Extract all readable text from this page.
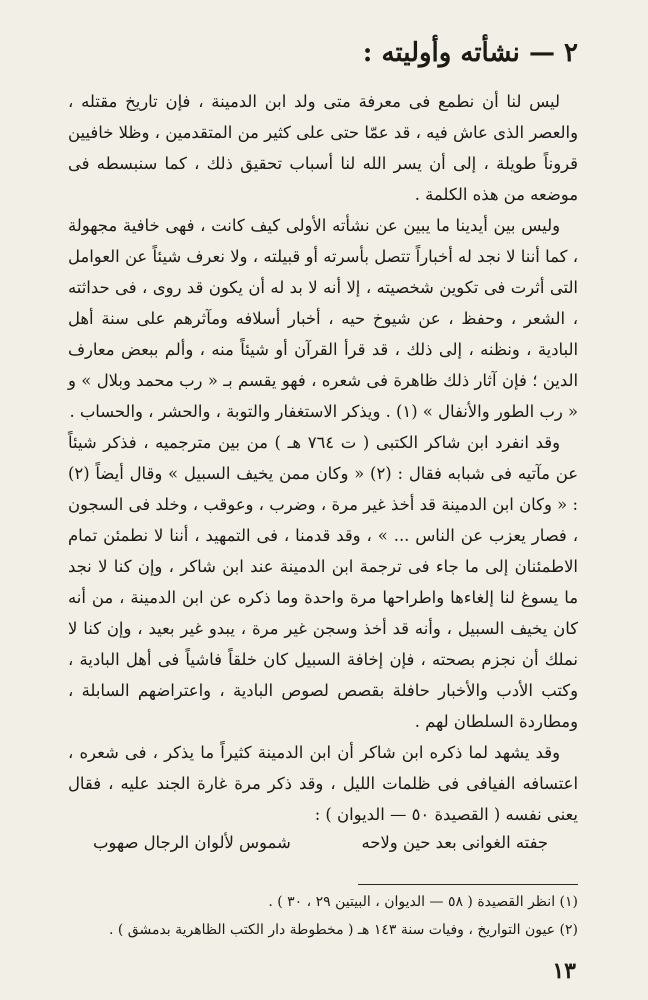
٢ — نشأته وأوليته :

ليس لنا أن نطمع فى معرفة متى ولد ابن الدمينة ، فإن تاريخ مقتله ، والعصر الذى عاش فيه ، قد عمّا حتى على كثير من المتقدمين ، وظلا خافيين قروناً طويلة ، إلى أن يسر الله لنا أسباب تحقيق ذلك ، كما سنبسطه فى موضعه من هذه الكلمة .

وليس بين أيدينا ما يبين عن نشأته الأولى كيف كانت ، فهى خافية مجهولة ، كما أننا لا نجد له أخباراً تتصل بأسرته أو قبيلته ، ولا نعرف شيئاً عن العوامل التى أثرت فى تكوين شخصيته ، إلا أنه لا بد له أن يكون قد روى ، فى حداثته ، الشعر ، وحفظ ، عن شيوخ حيه ، أخبار أسلافه ومآثرهم على سنة أهل البادية ، ونظنه ، إلى ذلك ، قد قرأ القرآن أو شيئاً منه ، وألم ببعض معارف الدين ؛ فإن آثار ذلك ظاهرة فى شعره ، فهو يقسم بـ « رب محمد وبلال » و « رب الطور والأنفال » (١) . ويذكر الاستغفار والتوبة ، والحشر ، والحساب .

وقد انفرد ابن شاكر الكتبى ( ت ٧٦٤ هـ ) من بين مترجميه ، فذكر شيئاً عن مآتيه فى شبابه فقال : (٢) « وكان ممن يخيف السبيل » وقال أيضاً (٢) : « وكان ابن الدمينة قد أخذ غير مرة ، وضرب ، وعوقب ، وخلد فى السجون ، فصار يعزب عن الناس ... » ، وقد قدمنا ، فى التمهيد ، أننا لا نطمئن تمام الاطمئنان إلى ما جاء فى ترجمة ابن الدمينة عند ابن شاكر ، وإن كنا لا نجد ما يسوغ لنا إلغاءها واطراحها مرة واحدة وما ذكره عن ابن الدمينة ، من أنه كان يخيف السبيل ، وأنه قد أخذ وسجن غير مرة ، يبدو غير بعيد ، وإن كنا لا نملك أن نجزم بصحته ، فإن إخافة السبيل كان خلقاً فاشياً فى أهل البادية ، وكتب الأدب والأخبار حافلة بقصص لصوص البادية ، واعتراضهم السابلة ، ومطاردة السلطان لهم .

وقد يشهد لما ذكره ابن شاكر أن ابن الدمينة كثيراً ما يذكر ، فى شعره ، اعتسافه الفيافى فى ظلمات الليل ، وقد ذكر مرة غارة الجند عليه ، فقال يعنى نفسه ( القصيدة ٥٠ — الديوان ) :

جفته الغوانى بعد حين ولاحه
شموس لألوان الرجال صهوب

(١) انظر القصيدة ( ٥٨ — الديوان ، البيتين ٢٩ ، ٣٠ ) .

(٢) عيون التواريخ ، وفيات سنة ١٤٣ هـ ( مخطوطة دار الكتب الظاهرية بدمشق ) .

١٣
